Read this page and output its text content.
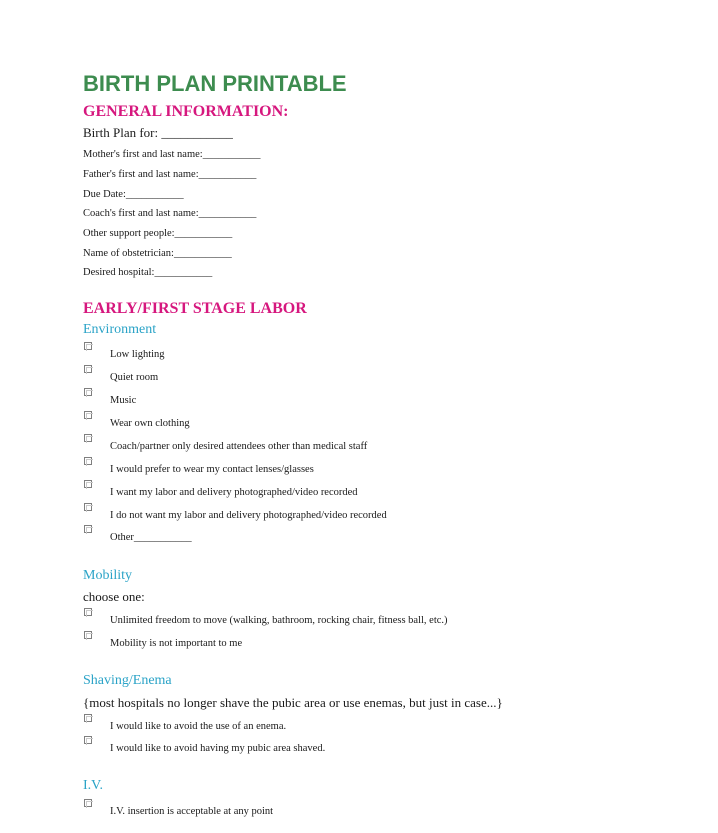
BIRTH PLAN PRINTABLE
GENERAL INFORMATION:
Birth Plan for: ___________
Mother's first and last name:___________
Father's first and last name:___________
Due Date:___________
Coach's first and last name:___________
Other support people:___________
Name of obstetrician:___________
Desired hospital:___________
EARLY/FIRST STAGE LABOR
Environment
Low lighting
Quiet room
Music
Wear own clothing
Coach/partner only desired attendees other than medical staff
I would prefer to wear my contact lenses/glasses
I want my labor and delivery photographed/video recorded
I do not want my labor and delivery photographed/video recorded
Other___________
Mobility
choose one:
Unlimited freedom to move (walking, bathroom, rocking chair, fitness ball, etc.)
Mobility is not important to me
Shaving/Enema
{most hospitals no longer shave the pubic area or use enemas, but just in case...}
I would like to avoid the use of an enema.
I would like to avoid having my pubic area shaved.
I.V.
I.V. insertion is acceptable at any point
